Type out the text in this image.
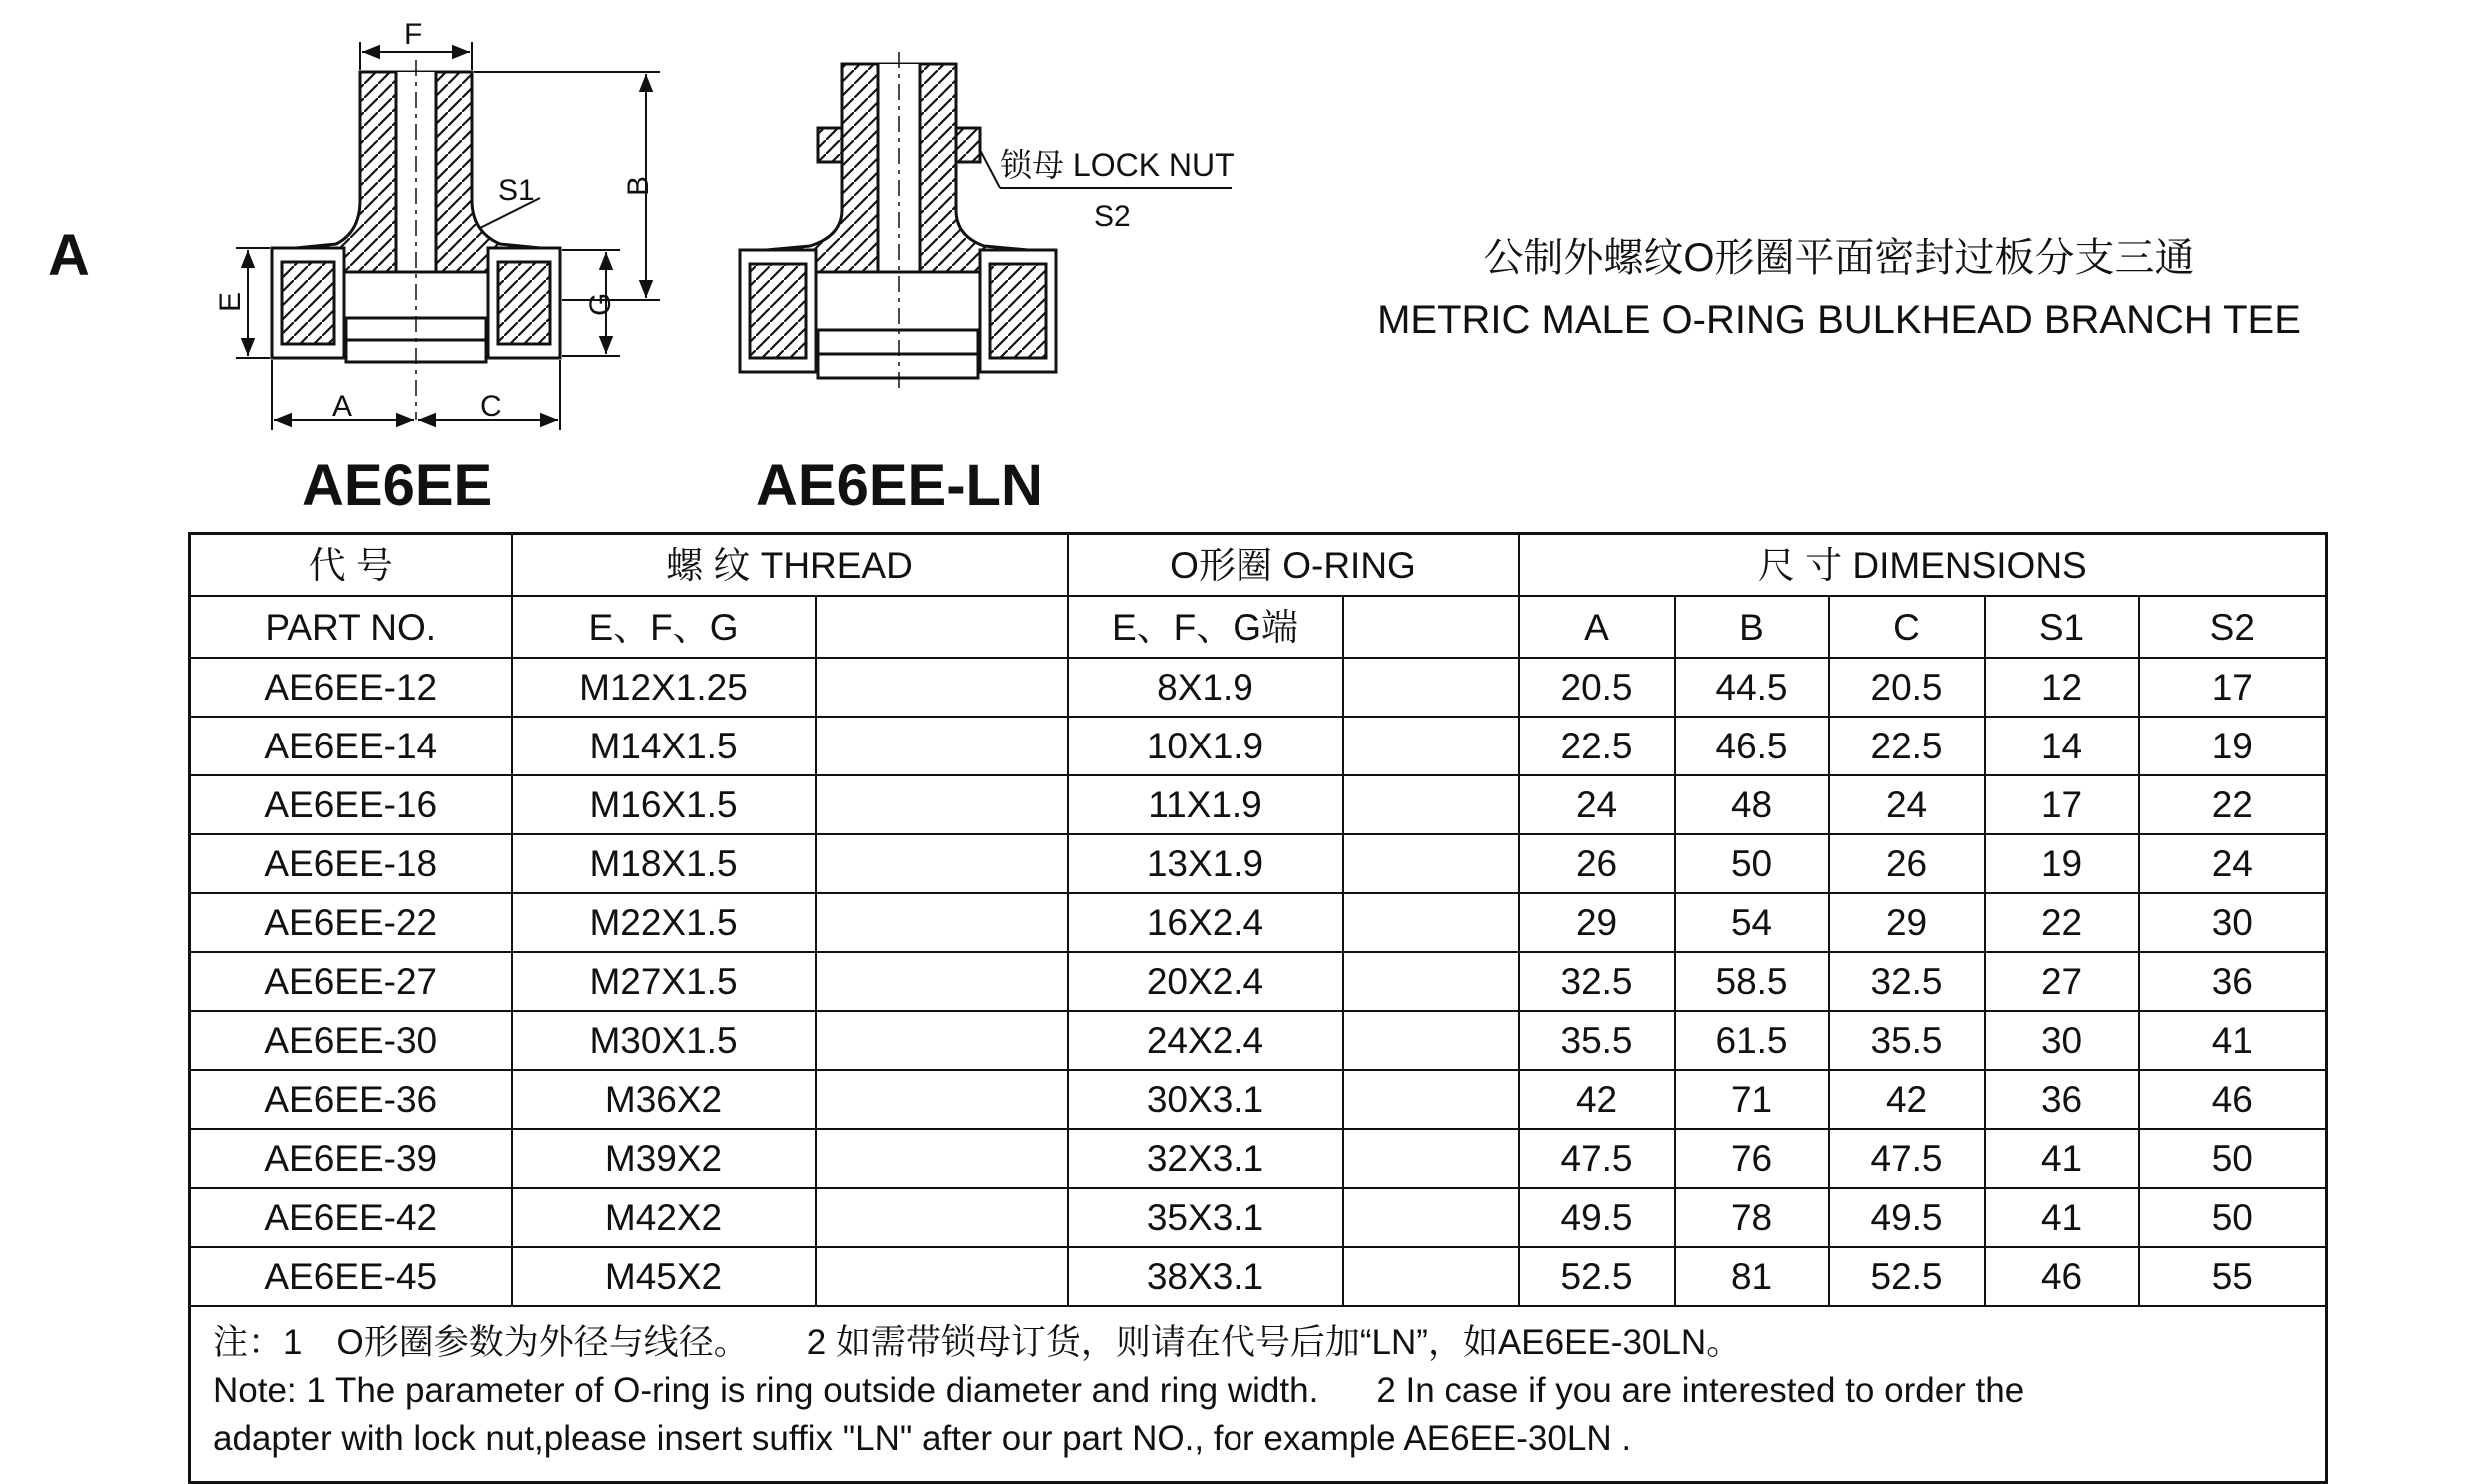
A
F
S1	B
G
E
A	C
锁母 LOCK NUT
S2
公制外螺纹O形圈平面密封过板分支三通
METRIC MALE O-RING BULKHEAD BRANCH TEE
AE6EE	AE6EE-LN
代 号	螺 纹 THREAD		O形圈 O-RING		尺 寸 DIMENSIONS				
PART NO.	E、F、G		E、F、G端		A	B	C	S1	S2
AE6EE-12	M12X1.25		8X1.9		20.5	44.5	20.5	12	17
AE6EE-14	M14X1.5		10X1.9		22.5	46.5	22.5	14	19
AE6EE-16	M16X1.5		11X1.9		24	48	24	17	22
AE6EE-18	M18X1.5		13X1.9		26	50	26	19	24
AE6EE-22	M22X1.5		16X2.4		29	54	29	22	30
AE6EE-27	M27X1.5		20X2.4		32.5	58.5	32.5	27	36
AE6EE-30	M30X1.5		24X2.4		35.5	61.5	35.5	30	41
AE6EE-36	M36X2		30X3.1		42	71	42	36	46
AE6EE-39	M39X2		32X3.1		47.5	76	47.5	41	50
AE6EE-42	M42X2		35X3.1		49.5	78	49.5	41	50
AE6EE-45	M45X2		38X3.1		52.5	81	52.5	46	55

注：1 O形圈参数为外径与线径。 2 如需带锁母订货，则请在代号后加“LN”，如AE6EE-30LN。
Note: 1 The parameter of O-ring is ring outside diameter and ring width. 2 In case if you are interested to order the
adapter with lock nut,please insert suffix "LN" after our part NO., for example AE6EE-30LN .									
